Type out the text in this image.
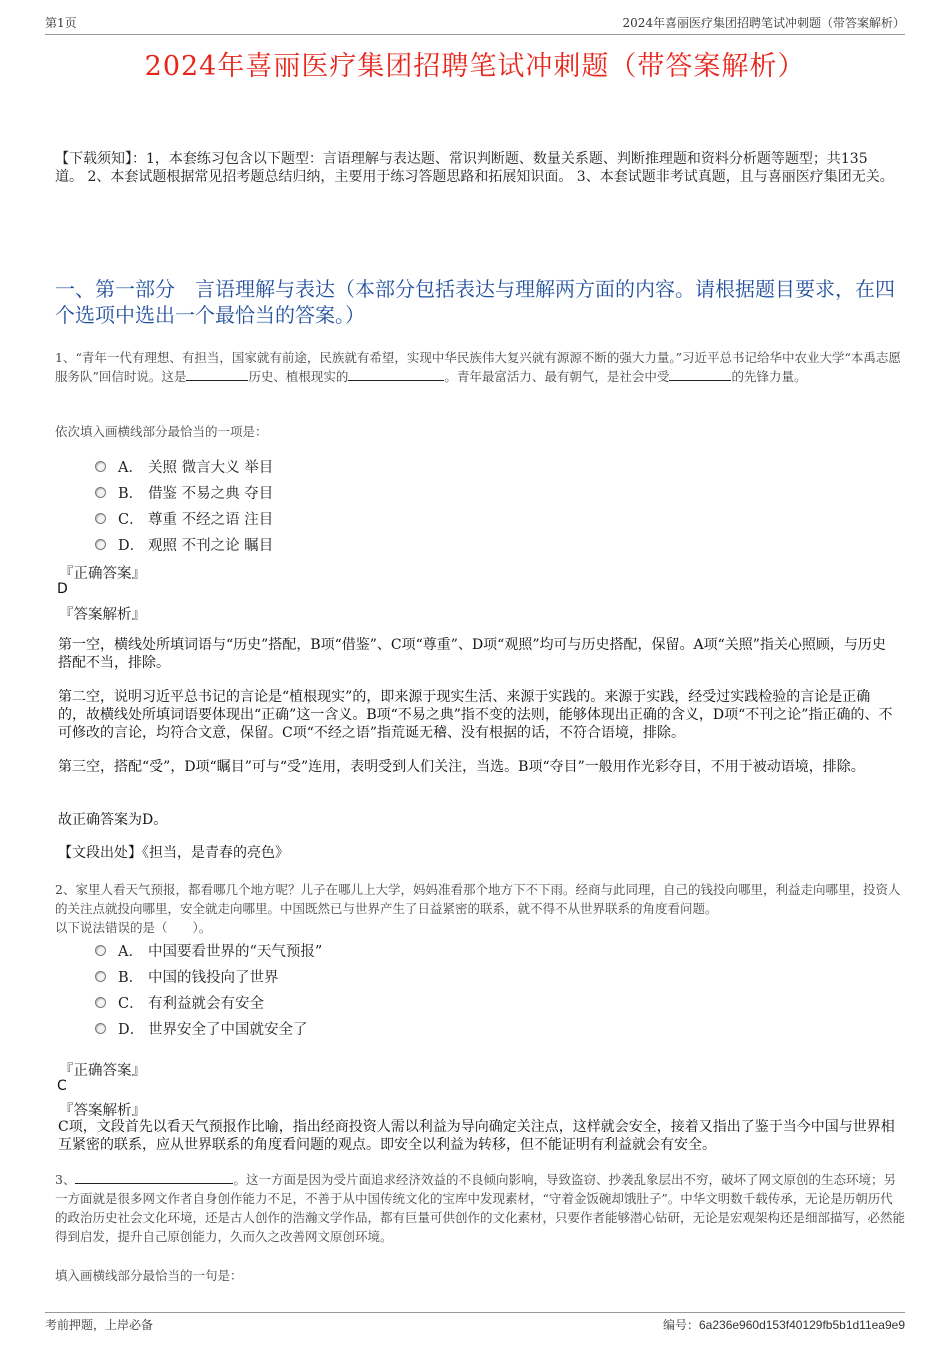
第1页	2024年喜丽医疗集团招聘笔试冲刺题（带答案解析）
2024年喜丽医疗集团招聘笔试冲刺题（带答案解析）
【下载须知】：1，本套练习包含以下题型：言语理解与表达题、常识判断题、数量关系题、判断推理题和资料分析题等题型；共135道。 2、本套试题根据常见招考题总结归纳，主要用于练习答题思路和拓展知识面。 3、本套试题非考试真题，且与喜丽医疗集团无关。
一、第一部分　言语理解与表达（本部分包括表达与理解两方面的内容。请根据题目要求，在四个选项中选出一个最恰当的答案。）
1、“青年一代有理想、有担当，国家就有前途，民族就有希望，实现中华民族伟大复兴就有源源不断的强大力量。”习近平总书记给华中农业大学“本禹志愿服务队”回信时说。这是	历史、植根现实的	。青年最富活力、最有朝气，是社会中受	的先锋力量。
依次填入画横线部分最恰当的一项是：
A． 关照 微言大义 举目
B． 借鉴 不易之典 夺目
C． 尊重 不经之语 注目
D． 观照 不刊之论 瞩目
『正确答案』
D
『答案解析』
第一空，横线处所填词语与“历史”搭配，B项“借鉴”、C项“尊重”、D项“观照”均可与历史搭配，保留。A项“关照”指关心照顾，与历史搭配不当，排除。
第二空，说明习近平总书记的言论是“植根现实”的，即来源于现实生活、来源于实践的。来源于实践，经受过实践检验的言论是正确的，故横线处所填词语要体现出“正确”这一含义。B项“不易之典”指不变的法则，能够体现出正确的含义，D项“不刊之论”指正确的、不可修改的言论，均符合文意，保留。C项“不经之语”指荒诞无稽、没有根据的话，不符合语境，排除。
第三空，搭配“受”，D项“瞩目”可与“受”连用，表明受到人们关注，当选。B项“夺目”一般用作光彩夺目，不用于被动语境，排除。
故正确答案为D。
【文段出处】《担当，是青春的亮色》
2、家里人看天气预报，都看哪几个地方呢？儿子在哪儿上大学，妈妈准看那个地方下不下雨。经商与此同理，自己的钱投向哪里，利益走向哪里，投资人的关注点就投向哪里，安全就走向哪里。中国既然已与世界产生了日益紧密的联系，就不得不从世界联系的角度看问题。
以下说法错误的是（　　）。
A． 中国要看世界的“天气预报”
B． 中国的钱投向了世界
C． 有利益就会有安全
D． 世界安全了中国就安全了
『正确答案』
C
『答案解析』
C项，文段首先以看天气预报作比喻，指出经商投资人需以利益为导向确定关注点，这样就会安全，接着又指出了鉴于当今中国与世界相互紧密的联系，应从世界联系的角度看问题的观点。即安全以利益为转移，但不能证明有利益就会有安全。
3、	。这一方面是因为受片面追求经济效益的不良倾向影响，导致盗窃、抄袭乱象层出不穷，破坏了网文原创的生态环境；另一方面就是很多网文作者自身创作能力不足，不善于从中国传统文化的宝库中发现素材，“守着金饭碗却饿肚子”。中华文明数千载传承，无论是历朝历代的政治历史社会文化环境，还是古人创作的浩瀚文学作品，都有巨量可供创作的文化素材，只要作者能够潜心钻研，无论是宏观架构还是细部描写，必然能得到启发，提升自己原创能力，久而久之改善网文原创环境。
填入画横线部分最恰当的一句是：
考前押题，上岸必备	编号：6a236e960d153f40129fb5b1d11ea9e9
